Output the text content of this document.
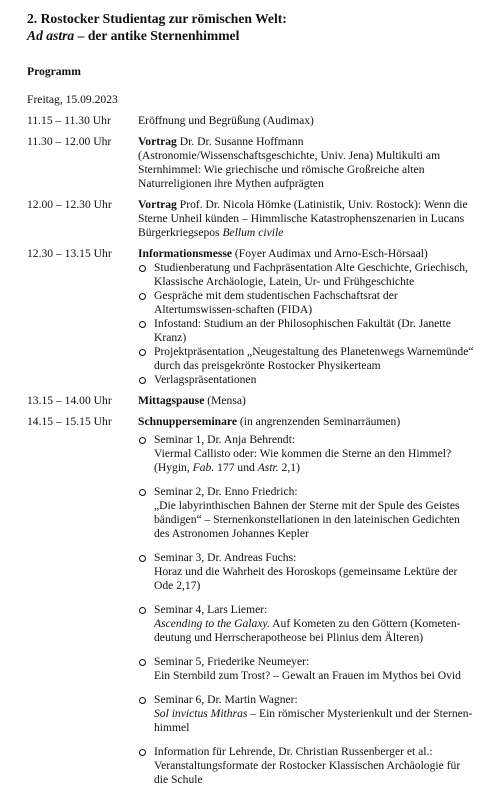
2. Rostocker Studientag zur römischen Welt:
Ad astra – der antike Sternenhimmel
Programm
Freitag, 15.09.2023
11.15 – 11.30 Uhr	Eröffnung und Begrüßung (Audimax)
11.30 – 12.00 Uhr	Vortrag Dr. Dr. Susanne Hoffmann (Astronomie/Wissenschaftsgeschichte, Univ. Jena) Multikulti am Sternhimmel: Wie griechische und römische Großreiche alten Naturreligionen ihre Mythen aufprägten
12.00 – 12.30 Uhr	Vortrag Prof. Dr. Nicola Hömke (Latinistik, Univ. Rostock): Wenn die Sterne Unheil künden – Himmlische Katastrophenszenarien in Lucans Bürgerkriegsepos Bellum civile
12.30 – 13.15 Uhr	Informationsmesse (Foyer Audimax und Arno-Esch-Hörsaal)
Studienberatung und Fachpräsentation Alte Geschichte, Griechisch, Klassische Archäologie, Latein, Ur- und Frühgeschichte
Gespräche mit dem studentischen Fachschaftsrat der Altertumswissen-schaften (FIDA)
Infostand: Studium an der Philosophischen Fakultät (Dr. Janette Kranz)
Projektpräsentation „Neugestaltung des Planetenwegs Warnemünde“ durch das preisgekrönte Rostocker Physikerteam
Verlagspräsentationen
13.15 – 14.00 Uhr	Mittagspause (Mensa)
14.15 – 15.15 Uhr	Schnupperseminare (in angrenzenden Seminarräumen)
Seminar 1, Dr. Anja Behrendt:
Viermal Callisto oder: Wie kommen die Sterne an den Himmel? (Hygin, Fab. 177 und Astr. 2,1)
Seminar 2, Dr. Enno Friedrich:
„Die labyrinthischen Bahnen der Sterne mit der Spule des Geistes bändigen“ – Sternenkonstellationen in den lateinischen Gedichten des Astronomen Johannes Kepler
Seminar 3, Dr. Andreas Fuchs:
Horaz und die Wahrheit des Horoskops (gemeinsame Lektüre der Ode 2,17)
Seminar 4, Lars Liemer:
Ascending to the Galaxy. Auf Kometen zu den Göttern (Kometen-deutung und Herrscherapotheose bei Plinius dem Älteren)
Seminar 5, Friederike Neumeyer:
Ein Sternbild zum Trost? – Gewalt an Frauen im Mythos bei Ovid
Seminar 6, Dr. Martin Wagner:
Sol invictus Mithras – Ein römischer Mysterienkult und der Sternen-himmel
Information für Lehrende, Dr. Christian Russenberger et al.:
Veranstaltungsformate der Rostocker Klassischen Archäologie für die Schule
